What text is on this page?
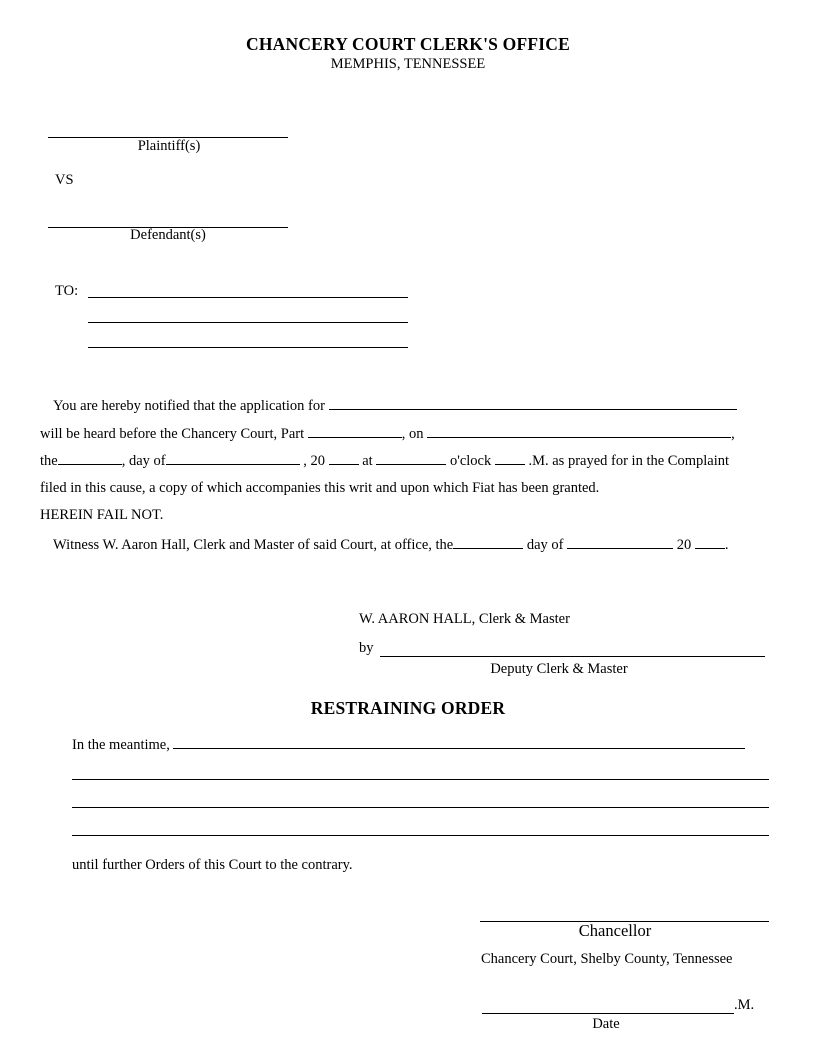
CHANCERY COURT CLERK'S OFFICE
MEMPHIS, TENNESSEE
Plaintiff(s)
VS
Defendant(s)
TO:
You are hereby notified that the application for
will be heard before the Chancery Court, Part	, on	,
the	, day of	, 20	at	o'clock	.M. as prayed for in the Complaint
filed in this cause, a copy of which accompanies this writ and upon which Fiat has been granted.
HEREIN FAIL NOT.
Witness W. Aaron Hall, Clerk and Master of said Court, at office, the	day of	20 .
W. AARON HALL, Clerk & Master
by
Deputy Clerk & Master
RESTRAINING ORDER
In the meantime,
until further Orders of this Court to the contrary.
Chancellor
Chancery Court, Shelby County, Tennessee
.M.
Date
